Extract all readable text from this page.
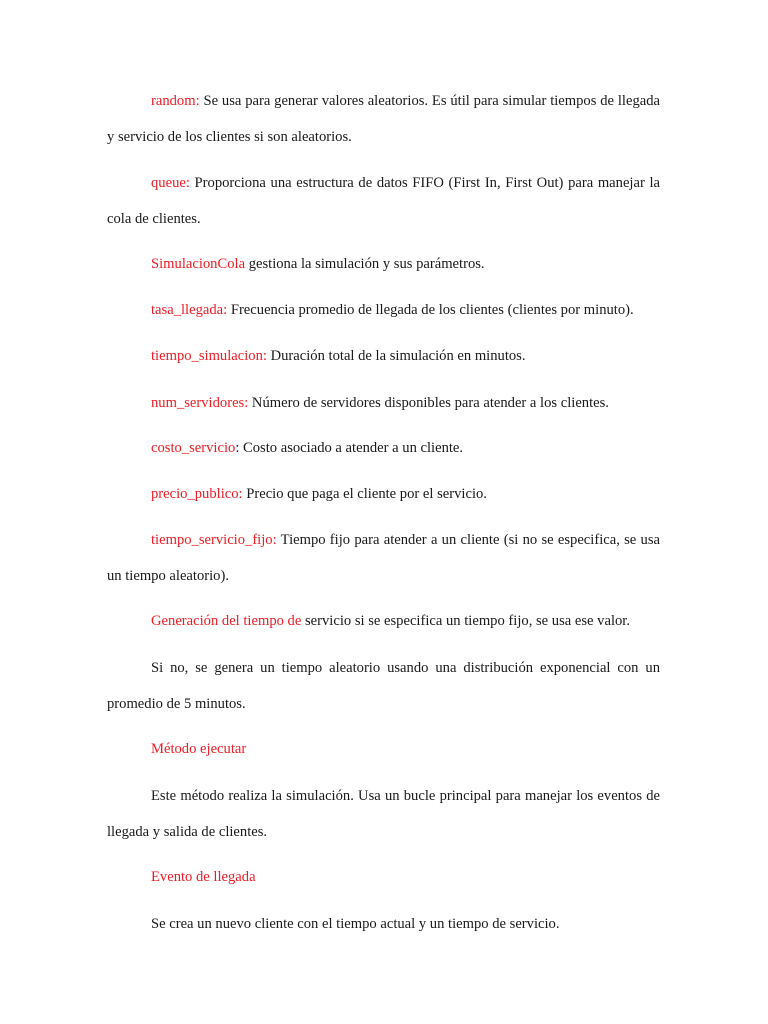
random: Se usa para generar valores aleatorios. Es útil para simular tiempos de llegada y servicio de los clientes si son aleatorios.

queue: Proporciona una estructura de datos FIFO (First In, First Out) para manejar la cola de clientes.

SimulacionCola gestiona la simulación y sus parámetros.

tasa_llegada: Frecuencia promedio de llegada de los clientes (clientes por minuto).

tiempo_simulacion: Duración total de la simulación en minutos.

num_servidores: Número de servidores disponibles para atender a los clientes.

costo_servicio: Costo asociado a atender a un cliente.

precio_publico: Precio que paga el cliente por el servicio.

tiempo_servicio_fijo: Tiempo fijo para atender a un cliente (si no se especifica, se usa un tiempo aleatorio).

Generación del tiempo de servicio si se especifica un tiempo fijo, se usa ese valor.

Si no, se genera un tiempo aleatorio usando una distribución exponencial con un promedio de 5 minutos.

Método ejecutar

Este método realiza la simulación. Usa un bucle principal para manejar los eventos de llegada y salida de clientes.

Evento de llegada

Se crea un nuevo cliente con el tiempo actual y un tiempo de servicio.
